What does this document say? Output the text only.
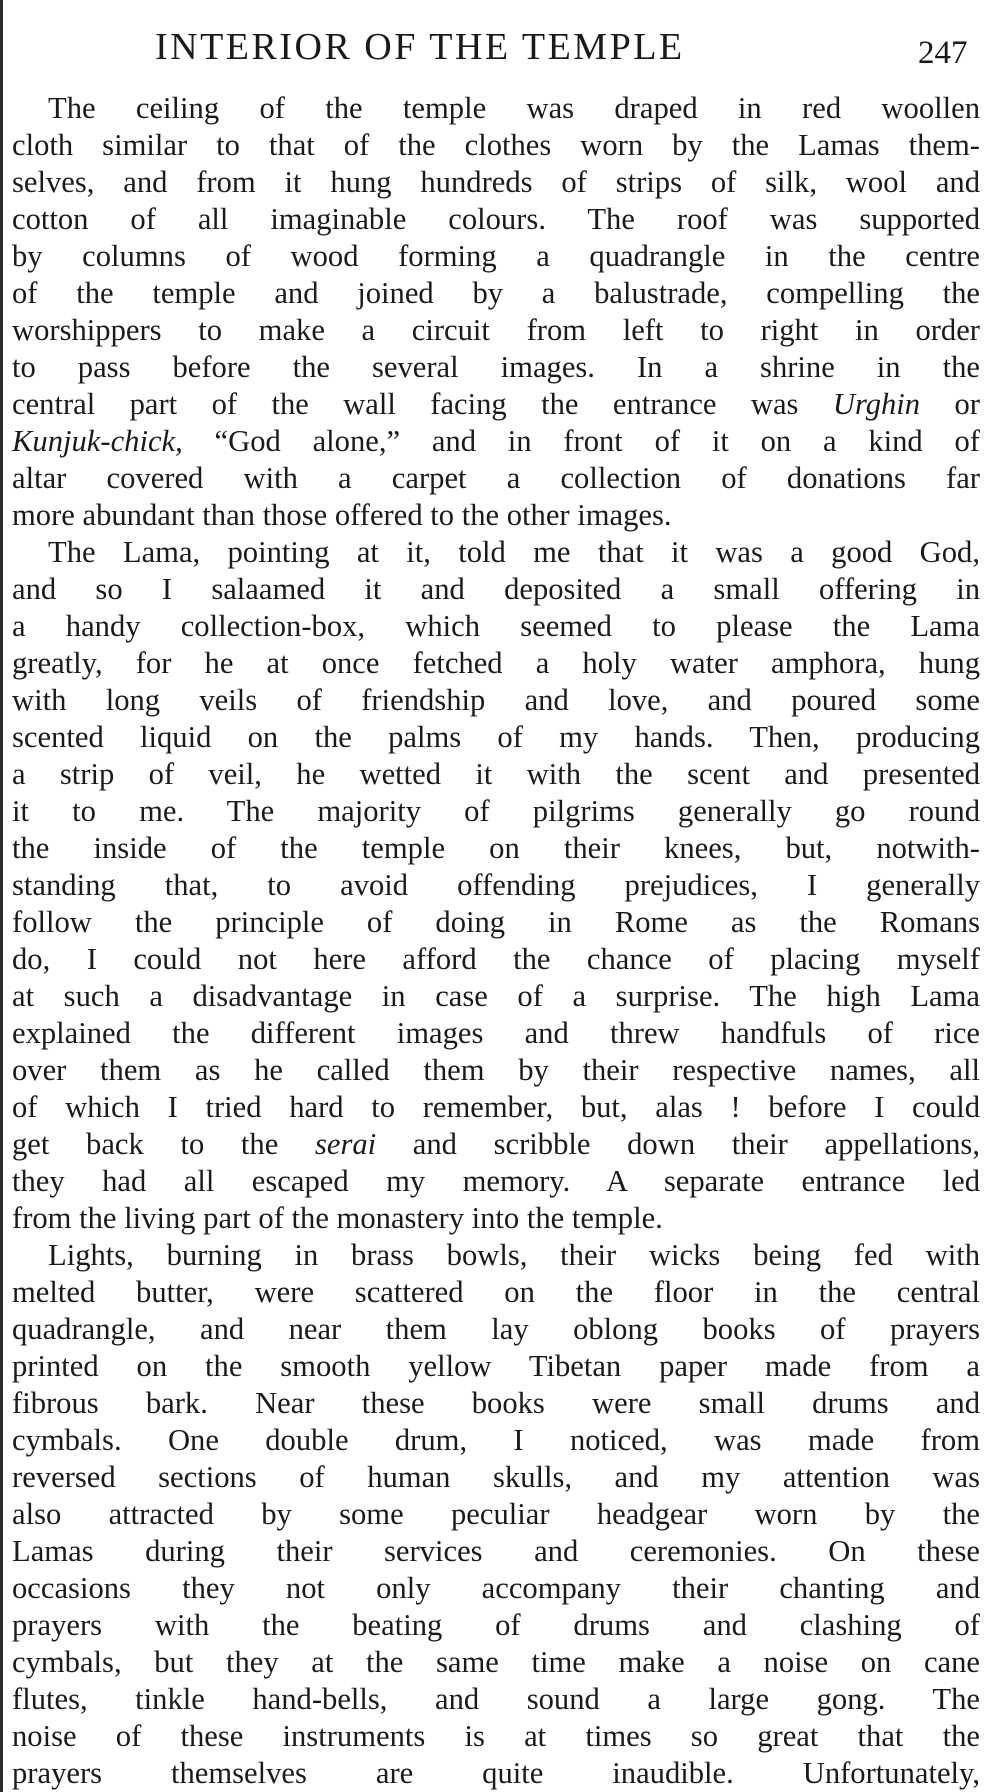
INTERIOR OF THE TEMPLE	247
The ceiling of the temple was draped in red woollen
cloth similar to that of the clothes worn by the Lamas them-
selves, and from it hung hundreds of strips of silk, wool and
cotton of all imaginable colours. The roof was supported
by columns of wood forming a quadrangle in the centre
of the temple and joined by a balustrade, compelling the
worshippers to make a circuit from left to right in order
to pass before the several images. In a shrine in the
central part of the wall facing the entrance was Urghin or
Kunjuk-chick, “God alone,” and in front of it on a kind of
altar covered with a carpet a collection of donations far
more abundant than those offered to the other images.
The Lama, pointing at it, told me that it was a good God,
and so I salaamed it and deposited a small offering in
a handy collection-box, which seemed to please the Lama
greatly, for he at once fetched a holy water amphora, hung
with long veils of friendship and love, and poured some
scented liquid on the palms of my hands. Then, producing
a strip of veil, he wetted it with the scent and presented
it to me. The majority of pilgrims generally go round
the inside of the temple on their knees, but, notwith-
standing that, to avoid offending prejudices, I generally
follow the principle of doing in Rome as the Romans
do, I could not here afford the chance of placing myself
at such a disadvantage in case of a surprise. The high Lama
explained the different images and threw handfuls of rice
over them as he called them by their respective names, all
of which I tried hard to remember, but, alas ! before I could
get back to the serai and scribble down their appellations,
they had all escaped my memory. A separate entrance led
from the living part of the monastery into the temple.
Lights, burning in brass bowls, their wicks being fed with
melted butter, were scattered on the floor in the central
quadrangle, and near them lay oblong books of prayers
printed on the smooth yellow Tibetan paper made from a
fibrous bark. Near these books were small drums and
cymbals. One double drum, I noticed, was made from
reversed sections of human skulls, and my attention was
also attracted by some peculiar headgear worn by the
Lamas during their services and ceremonies. On these
occasions they not only accompany their chanting and
prayers with the beating of drums and clashing of
cymbals, but they at the same time make a noise on cane
flutes, tinkle hand-bells, and sound a large gong. The
noise of these instruments is at times so great that the
prayers themselves are quite inaudible. Unfortunately,
